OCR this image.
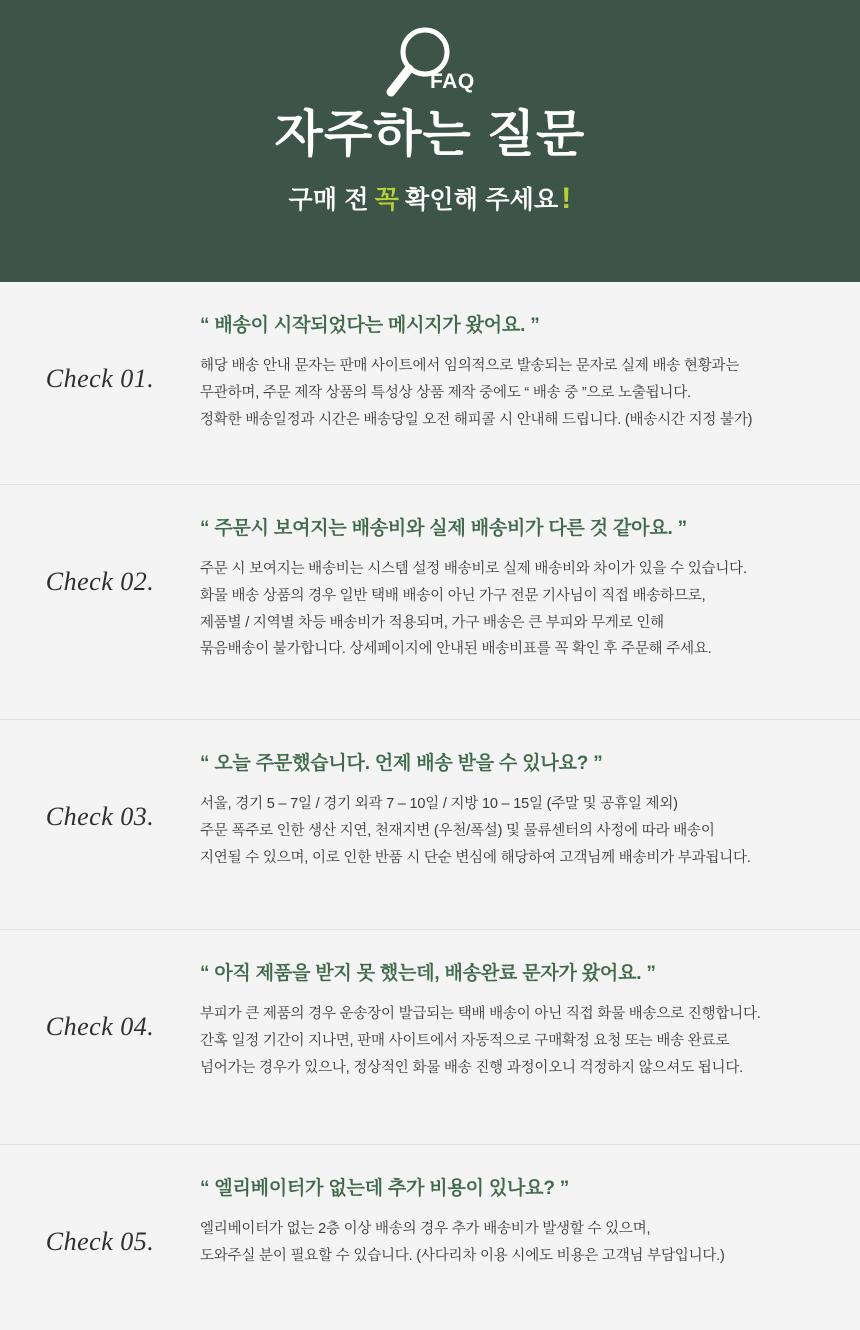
FAQ
자주하는 질문
구매 전 꼭 확인해 주세요 !
Check 01.
“ 배송이 시작되었다는 메시지가 왔어요. ”
해당 배송 안내 문자는 판매 사이트에서 임의적으로 발송되는 문자로 실제 배송 현황과는
무관하며, 주문 제작 상품의 특성상 상품 제작 중에도 “ 배송 중 ”으로 노출됩니다.
정확한 배송일정과 시간은 배송당일 오전 해피콜 시 안내해 드립니다. (배송시간 지정 불가)
Check 02.
“ 주문시 보여지는 배송비와 실제 배송비가 다른 것 같아요. ”
주문 시 보여지는 배송비는 시스템 설정 배송비로 실제 배송비와 차이가 있을 수 있습니다.
화물 배송 상품의 경우 일반 택배 배송이 아닌 가구 전문 기사님이 직접 배송하므로,
제품별 / 지역별 차등 배송비가 적용되며, 가구 배송은 큰 부피와 무게로 인해
묶음배송이 불가합니다. 상세페이지에 안내된 배송비표를 꼭 확인 후 주문해 주세요.
Check 03.
“ 오늘 주문했습니다. 언제 배송 받을 수 있나요? ”
서울, 경기 5 – 7일 / 경기 외곽 7 – 10일 / 지방 10 – 15일 (주말 및 공휴일 제외)
주문 폭주로 인한 생산 지연, 천재지변 (우천/폭설) 및 물류센터의 사정에 따라 배송이
지연될 수 있으며, 이로 인한 반품 시 단순 변심에 해당하여 고객님께 배송비가 부과됩니다.
Check 04.
“ 아직 제품을 받지 못 했는데, 배송완료 문자가 왔어요. ”
부피가 큰 제품의 경우 운송장이 발급되는 택배 배송이 아닌 직접 화물 배송으로 진행합니다.
간혹 일정 기간이 지나면, 판매 사이트에서 자동적으로 구매확정 요청 또는 배송 완료로
넘어가는 경우가 있으나, 정상적인 화물 배송 진행 과정이오니 걱정하지 않으셔도 됩니다.
Check 05.
“ 엘리베이터가 없는데 추가 비용이 있나요? ”
엘리베이터가 없는 2층 이상 배송의 경우 추가 배송비가 발생할 수 있으며,
도와주실 분이 필요할 수 있습니다. (사다리차 이용 시에도 비용은 고객님 부담입니다.)
